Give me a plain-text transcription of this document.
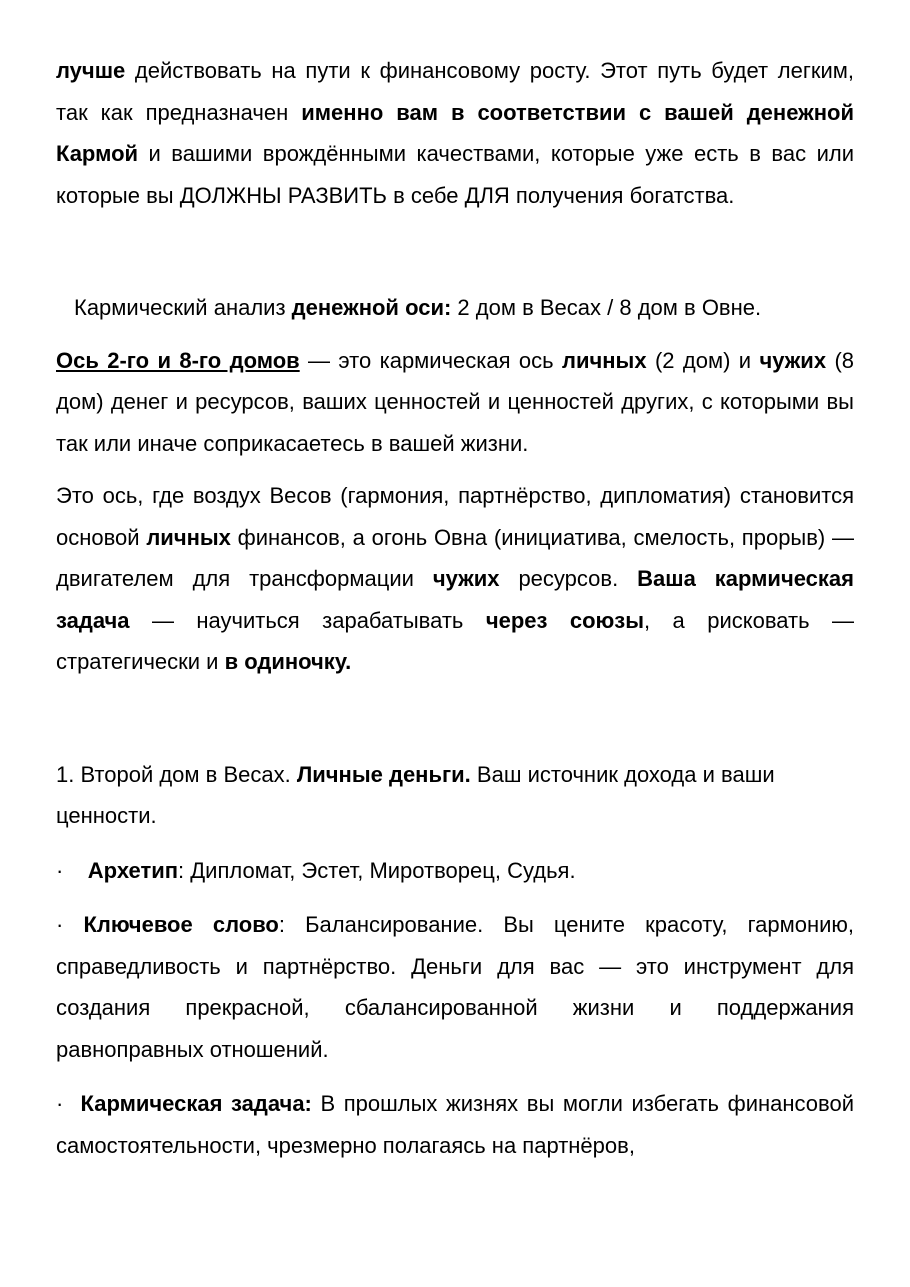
лучше действовать на пути к финансовому росту. Этот путь будет легким, так как предназначен именно вам в соответствии с вашей денежной Кармой и вашими врождёнными качествами, которые уже есть в вас или которые вы ДОЛЖНЫ РАЗВИТЬ в себе ДЛЯ получения богатства.

Кармический анализ денежной оси: 2 дом в Весах / 8 дом в Овне.

Ось 2-го и 8-го домов — это кармическая ось личных (2 дом) и чужих (8 дом) денег и ресурсов, ваших ценностей и ценностей других, с которыми вы так или иначе соприкасаетесь в вашей жизни.

Это ось, где воздух Весов (гармония, партнёрство, дипломатия) становится основой личных финансов, а огонь Овна (инициатива, смелость, прорыв) — двигателем для трансформации чужих ресурсов. Ваша кармическая задача — научиться зарабатывать через союзы, а рисковать — стратегически и в одиночку.

1. Второй дом в Весах. Личные деньги. Ваш источник дохода и ваши ценности.

· Архетип: Дипломат, Эстет, Миротворец, Судья.

· Ключевое слово: Балансирование. Вы цените красоту, гармонию, справедливость и партнёрство. Деньги для вас — это инструмент для создания прекрасной, сбалансированной жизни и поддержания равноправных отношений.

· Кармическая задача: В прошлых жизнях вы могли избегать финансовой самостоятельности, чрезмерно полагаясь на партнёров,
